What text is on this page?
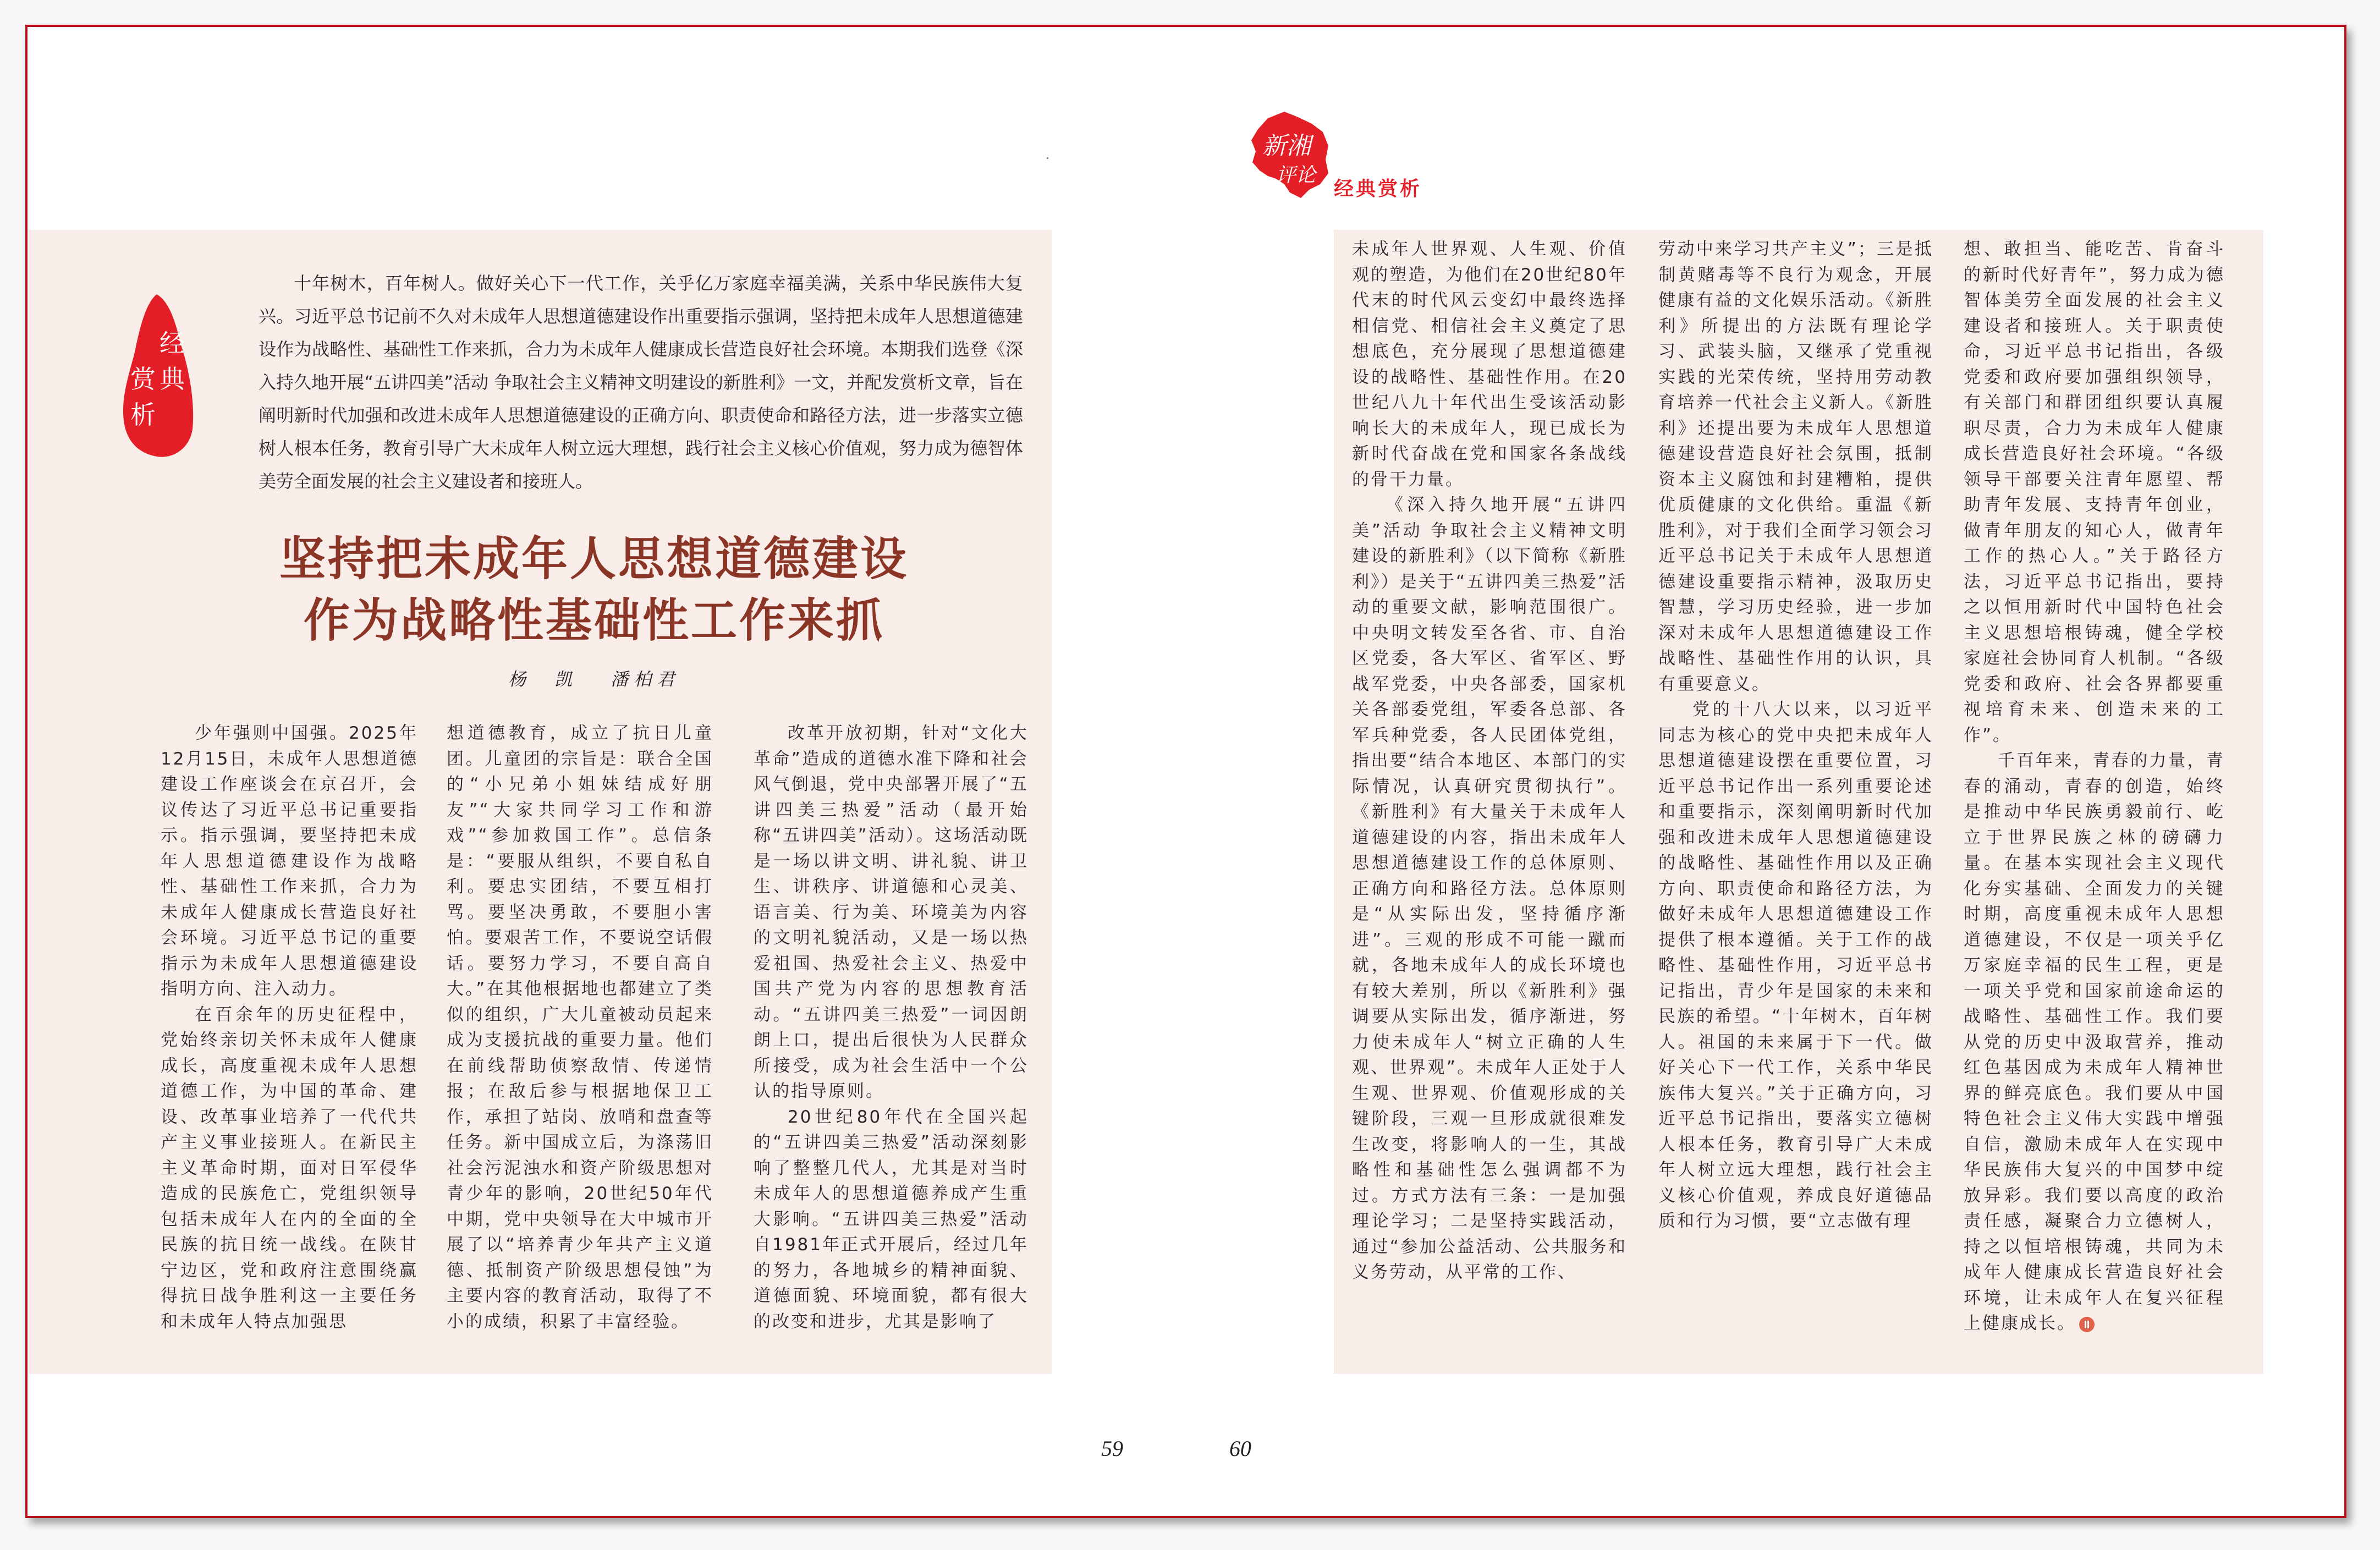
新湘
评论
经典赏析
经
典
赏
析
十年树木，百年树人。做好关心下一代工作，关乎亿万家庭幸福美满，关系中华民族伟大复兴。习近平总书记前不久对未成年人思想道德建设作出重要指示强调，坚持把未成年人思想道德建设作为战略性、基础性工作来抓，合力为未成年人健康成长营造良好社会环境。本期我们选登《深入持久地开展“五讲四美”活动 争取社会主义精神文明建设的新胜利》一文，并配发赏析文章，旨在阐明新时代加强和改进未成年人思想道德建设的正确方向、职责使命和路径方法，进一步落实立德树人根本任务，教育引导广大未成年人树立远大理想，践行社会主义核心价值观，努力成为德智体美劳全面发展的社会主义建设者和接班人。
坚持把未成年人思想道德建设
作为战略性基础性工作来抓
杨　凯 潘柏君

少年强则中国强。2025年12月15日，未成年人思想道德建设工作座谈会在京召开，会议传达了习近平总书记重要指示。指示强调，要坚持把未成年人思想道德建设作为战略性、基础性工作来抓，合力为未成年人健康成长营造良好社会环境。习近平总书记的重要指示为未成年人思想道德建设指明方向、注入动力。

在百余年的历史征程中，党始终亲切关怀未成年人健康成长，高度重视未成年人思想道德工作，为中国的革命、建设、改革事业培养了一代代共产主义事业接班人。在新民主主义革命时期，面对日军侵华造成的民族危亡，党组织领导包括未成年人在内的全面的全民族的抗日统一战线。在陕甘宁边区，党和政府注意围绕赢得抗日战争胜利这一主要任务和未成年人特点加强思

想道德教育，成立了抗日儿童团。儿童团的宗旨是：联合全国的“小兄弟小姐妹结成好朋友”“大家共同学习工作和游戏”“参加救国工作”。总信条是：“要服从组织，不要自私自利。要忠实团结，不要互相打骂。要坚决勇敢，不要胆小害怕。要艰苦工作，不要说空话假话。要努力学习，不要自高自大。”在其他根据地也都建立了类似的组织，广大儿童被动员起来成为支援抗战的重要力量。他们在前线帮助侦察敌情、传递情报；在敌后参与根据地保卫工作，承担了站岗、放哨和盘查等任务。新中国成立后，为涤荡旧社会污泥浊水和资产阶级思想对青少年的影响，20世纪50年代中期，党中央领导在大中城市开展了以“培养青少年共产主义道德、抵制资产阶级思想侵蚀”为主要内容的教育活动，取得了不小的成绩，积累了丰富经验。

改革开放初期，针对“文化大革命”造成的道德水准下降和社会风气倒退，党中央部署开展了“五讲四美三热爱”活动（最开始称“五讲四美”活动）。这场活动既是一场以讲文明、讲礼貌、讲卫生、讲秩序、讲道德和心灵美、语言美、行为美、环境美为内容的文明礼貌活动，又是一场以热爱祖国、热爱社会主义、热爱中国共产党为内容的思想教育活动。“五讲四美三热爱”一词因朗朗上口，提出后很快为人民群众所接受，成为社会生活中一个公认的指导原则。

20世纪80年代在全国兴起的“五讲四美三热爱”活动深刻影响了整整几代人，尤其是对当时未成年人的思想道德养成产生重大影响。“五讲四美三热爱”活动自1981年正式开展后，经过几年的努力，各地城乡的精神面貌、道德面貌、环境面貌，都有很大的改变和进步，尤其是影响了

未成年人世界观、人生观、价值观的塑造，为他们在20世纪80年代末的时代风云变幻中最终选择相信党、相信社会主义奠定了思想底色，充分展现了思想道德建设的战略性、基础性作用。在20世纪八九十年代出生受该活动影响长大的未成年人，现已成长为新时代奋战在党和国家各条战线的骨干力量。

《深入持久地开展“五讲四美”活动 争取社会主义精神文明建设的新胜利》（以下简称《新胜利》）是关于“五讲四美三热爱”活动的重要文献，影响范围很广。中央明文转发至各省、市、自治区党委，各大军区、省军区、野战军党委，中央各部委，国家机关各部委党组，军委各总部、各军兵种党委，各人民团体党组，指出要“结合本地区、本部门的实际情况，认真研究贯彻执行”。《新胜利》有大量关于未成年人道德建设的内容，指出未成年人思想道德建设工作的总体原则、正确方向和路径方法。总体原则是“从实际出发，坚持循序渐进”。三观的形成不可能一蹴而就，各地未成年人的成长环境也有较大差别，所以《新胜利》强调要从实际出发，循序渐进，努力使未成年人“树立正确的人生观、世界观”。未成年人正处于人生观、世界观、价值观形成的关键阶段，三观一旦形成就很难发生改变，将影响人的一生，其战略性和基础性怎么强调都不为过。方式方法有三条：一是加强理论学习；二是坚持实践活动，通过“参加公益活动、公共服务和义务劳动，从平常的工作、

劳动中来学习共产主义”；三是抵制黄赌毒等不良行为观念，开展健康有益的文化娱乐活动。《新胜利》所提出的方法既有理论学习、武装头脑，又继承了党重视实践的光荣传统，坚持用劳动教育培养一代社会主义新人。《新胜利》还提出要为未成年人思想道德建设营造良好社会氛围，抵制资本主义腐蚀和封建糟粕，提供优质健康的文化供给。重温《新胜利》，对于我们全面学习领会习近平总书记关于未成年人思想道德建设重要指示精神，汲取历史智慧，学习历史经验，进一步加深对未成年人思想道德建设工作战略性、基础性作用的认识，具有重要意义。

党的十八大以来，以习近平同志为核心的党中央把未成年人思想道德建设摆在重要位置，习近平总书记作出一系列重要论述和重要指示，深刻阐明新时代加强和改进未成年人思想道德建设的战略性、基础性作用以及正确方向、职责使命和路径方法，为做好未成年人思想道德建设工作提供了根本遵循。关于工作的战略性、基础性作用，习近平总书记指出，青少年是国家的未来和民族的希望。“十年树木，百年树人。祖国的未来属于下一代。做好关心下一代工作，关系中华民族伟大复兴。”关于正确方向，习近平总书记指出，要落实立德树人根本任务，教育引导广大未成年人树立远大理想，践行社会主义核心价值观，养成良好道德品质和行为习惯，要“立志做有理

想、敢担当、能吃苦、肯奋斗的新时代好青年”，努力成为德智体美劳全面发展的社会主义建设者和接班人。关于职责使命，习近平总书记指出，各级党委和政府要加强组织领导，有关部门和群团组织要认真履职尽责，合力为未成年人健康成长营造良好社会环境。“各级领导干部要关注青年愿望、帮助青年发展、支持青年创业，做青年朋友的知心人，做青年工作的热心人。”关于路径方法，习近平总书记指出，要持之以恒用新时代中国特色社会主义思想培根铸魂，健全学校家庭社会协同育人机制。“各级党委和政府、社会各界都要重视培育未来、创造未来的工作”。

千百年来，青春的力量，青春的涌动，青春的创造，始终是推动中华民族勇毅前行、屹立于世界民族之林的磅礴力量。在基本实现社会主义现代化夯实基础、全面发力的关键时期，高度重视未成年人思想道德建设，不仅是一项关乎亿万家庭幸福的民生工程，更是一项关乎党和国家前途命运的战略性、基础性工作。我们要从党的历史中汲取营养，推动红色基因成为未成年人精神世界的鲜亮底色。我们要从中国特色社会主义伟大实践中增强自信，激励未成年人在实现中华民族伟大复兴的中国梦中绽放异彩。我们要以高度的政治责任感，凝聚合力立德树人，持之以恒培根铸魂，共同为未成年人健康成长营造良好社会环境，让未成年人在复兴征程上健康成长。

59	60
